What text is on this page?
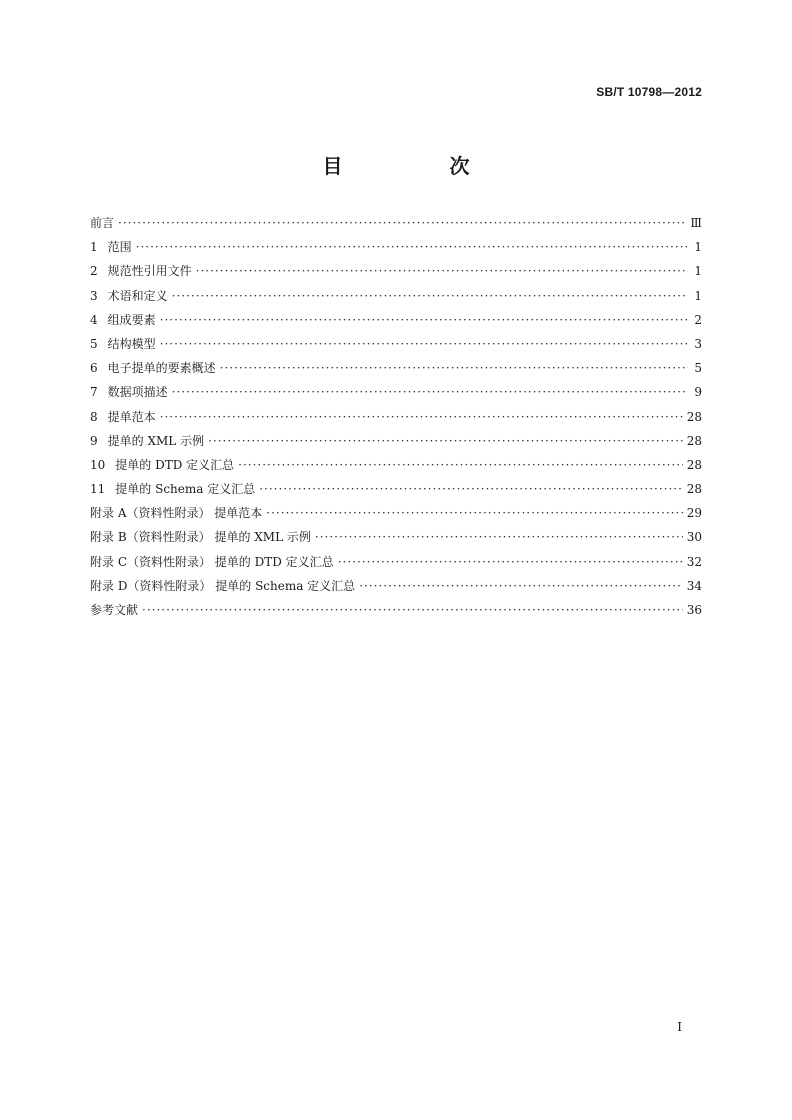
SB/T 10798—2012
目 次
前言 ·····	Ⅲ
1 范围 ·····	1
2 规范性引用文件 ·····	1
3 术语和定义 ·····	1
4 组成要素 ·····	2
5 结构模型 ·····	3
6 电子提单的要素概述 ·····	5
7 数据项描述 ·····	9
8 提单范本 ·····	28
9 提单的 XML 示例 ·····	28
10 提单的 DTD 定义汇总 ·····	28
11 提单的 Schema 定义汇总 ·····	28
附录 A（资料性附录） 提单范本 ·····	29
附录 B（资料性附录） 提单的 XML 示例 ·····	30
附录 C（资料性附录） 提单的 DTD 定义汇总 ·····	32
附录 D（资料性附录） 提单的 Schema 定义汇总 ·····	34
参考文献 ·····	36
Ⅰ
